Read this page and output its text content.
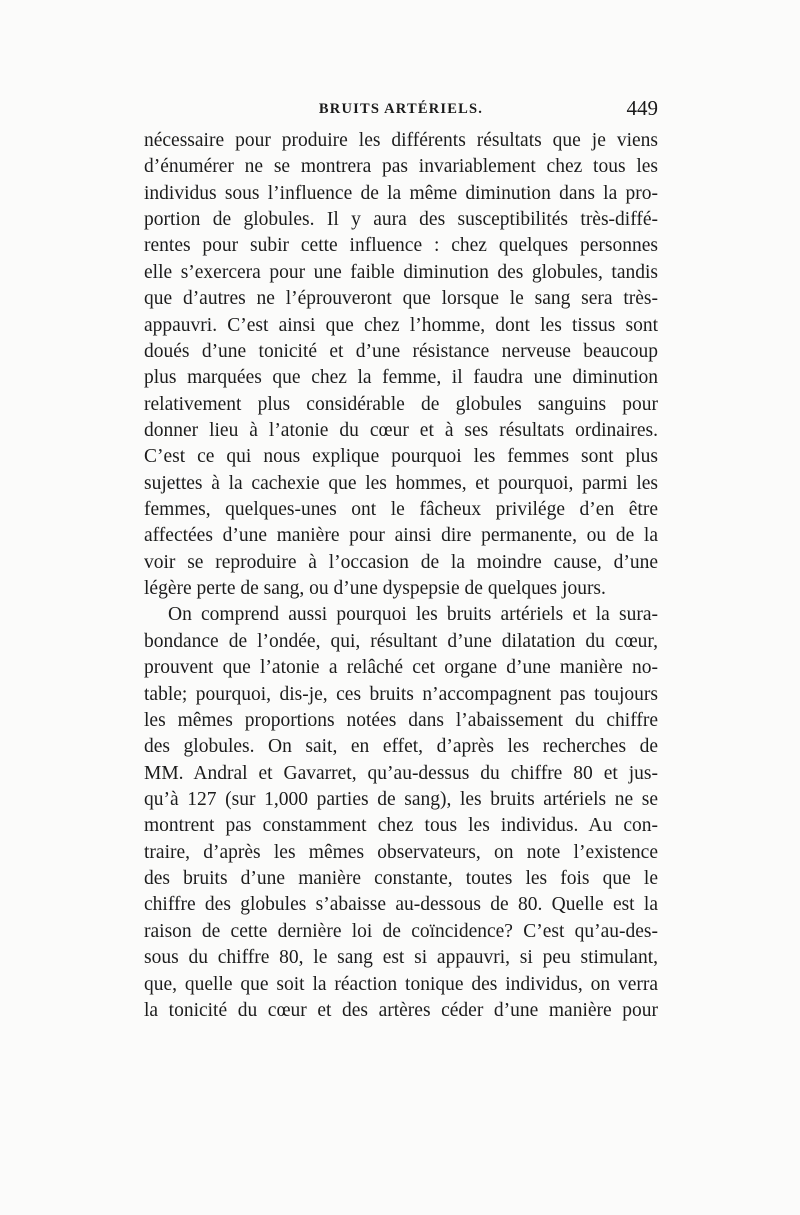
BRUITS ARTÉRIELS.	449
nécessaire pour produire les différents résultats que je viens
d’énumérer ne se montrera pas invariablement chez tous les
individus sous l’influence de la même diminution dans la pro-
portion de globules. Il y aura des susceptibilités très-diffé-
rentes pour subir cette influence : chez quelques personnes
elle s’exercera pour une faible diminution des globules, tandis
que d’autres ne l’éprouveront que lorsque le sang sera très-
appauvri. C’est ainsi que chez l’homme, dont les tissus sont
doués d’une tonicité et d’une résistance nerveuse beaucoup
plus marquées que chez la femme, il faudra une diminution
relativement plus considérable de globules sanguins pour
donner lieu à l’atonie du cœur et à ses résultats ordinaires.
C’est ce qui nous explique pourquoi les femmes sont plus
sujettes à la cachexie que les hommes, et pourquoi, parmi les
femmes, quelques-unes ont le fâcheux privilége d’en être
affectées d’une manière pour ainsi dire permanente, ou de la
voir se reproduire à l’occasion de la moindre cause, d’une
légère perte de sang, ou d’une dyspepsie de quelques jours.
On comprend aussi pourquoi les bruits artériels et la sura-
bondance de l’ondée, qui, résultant d’une dilatation du cœur,
prouvent que l’atonie a relâché cet organe d’une manière no-
table; pourquoi, dis-je, ces bruits n’accompagnent pas toujours
les mêmes proportions notées dans l’abaissement du chiffre
des globules. On sait, en effet, d’après les recherches de
MM. Andral et Gavarret, qu’au-dessus du chiffre 80 et jus-
qu’à 127 (sur 1,000 parties de sang), les bruits artériels ne se
montrent pas constamment chez tous les individus. Au con-
traire, d’après les mêmes observateurs, on note l’existence
des bruits d’une manière constante, toutes les fois que le
chiffre des globules s’abaisse au-dessous de 80. Quelle est la
raison de cette dernière loi de coïncidence? C’est qu’au-des-
sous du chiffre 80, le sang est si appauvri, si peu stimulant,
que, quelle que soit la réaction tonique des individus, on verra
la tonicité du cœur et des artères céder d’une manière pour
